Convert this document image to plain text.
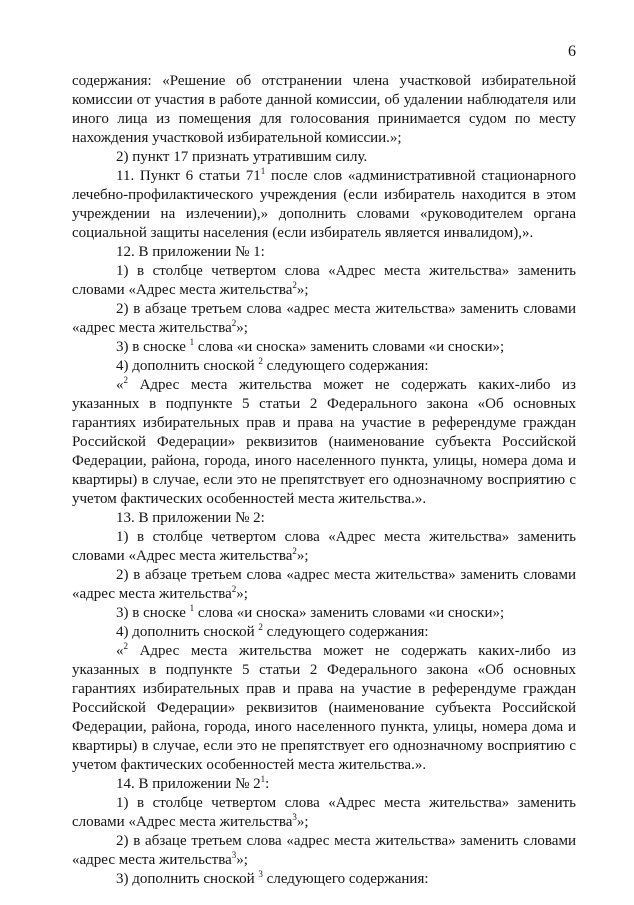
6

содержания: «Решение об отстранении члена участковой избирательной комиссии от участия в работе данной комиссии, об удалении наблюдателя или иного лица из помещения для голосования принимается судом по месту нахождения участковой избирательной комиссии.»;

2) пункт 17 признать утратившим силу.

11. Пункт 6 статьи $71^1$ после слов «административной стационарного лечебно-профилактического учреждения (если избиратель находится в этом учреждении на излечении),» дополнить словами «руководителем органа социальной защиты населения (если избиратель является инвалидом),».

12. В приложении № 1:

1) в столбце четвертом слова «Адрес места жительства» заменить словами «Адрес места жительства$^2$»;

2) в абзаце третьем слова «адрес места жительства» заменить словами «адрес места жительства$^2$»;

3) в сноске $^1$ слова «и сноска» заменить словами «и сноски»;

4) дополнить сноской $^2$ следующего содержания:

«$^2$ Адрес места жительства может не содержать каких-либо из указанных в подпункте 5 статьи 2 Федерального закона «Об основных гарантиях избирательных прав и права на участие в референдуме граждан Российской Федерации» реквизитов (наименование субъекта Российской Федерации, района, города, иного населенного пункта, улицы, номера дома и квартиры) в случае, если это не препятствует его однозначному восприятию с учетом фактических особенностей места жительства.».

13. В приложении № 2:

1) в столбце четвертом слова «Адрес места жительства» заменить словами «Адрес места жительства$^2$»;

2) в абзаце третьем слова «адрес места жительства» заменить словами «адрес места жительства$^2$»;

3) в сноске $^1$ слова «и сноска» заменить словами «и сноски»;

4) дополнить сноской $^2$ следующего содержания:

«$^2$ Адрес места жительства может не содержать каких-либо из указанных в подпункте 5 статьи 2 Федерального закона «Об основных гарантиях избирательных прав и права на участие в референдуме граждан Российской Федерации» реквизитов (наименование субъекта Российской Федерации, района, города, иного населенного пункта, улицы, номера дома и квартиры) в случае, если это не препятствует его однозначному восприятию с учетом фактических особенностей места жительства.».

14. В приложении № $2^1$:

1) в столбце четвертом слова «Адрес места жительства» заменить словами «Адрес места жительства$^3$»;

2) в абзаце третьем слова «адрес места жительства» заменить словами «адрес места жительства$^3$»;

3) дополнить сноской $^3$ следующего содержания:
